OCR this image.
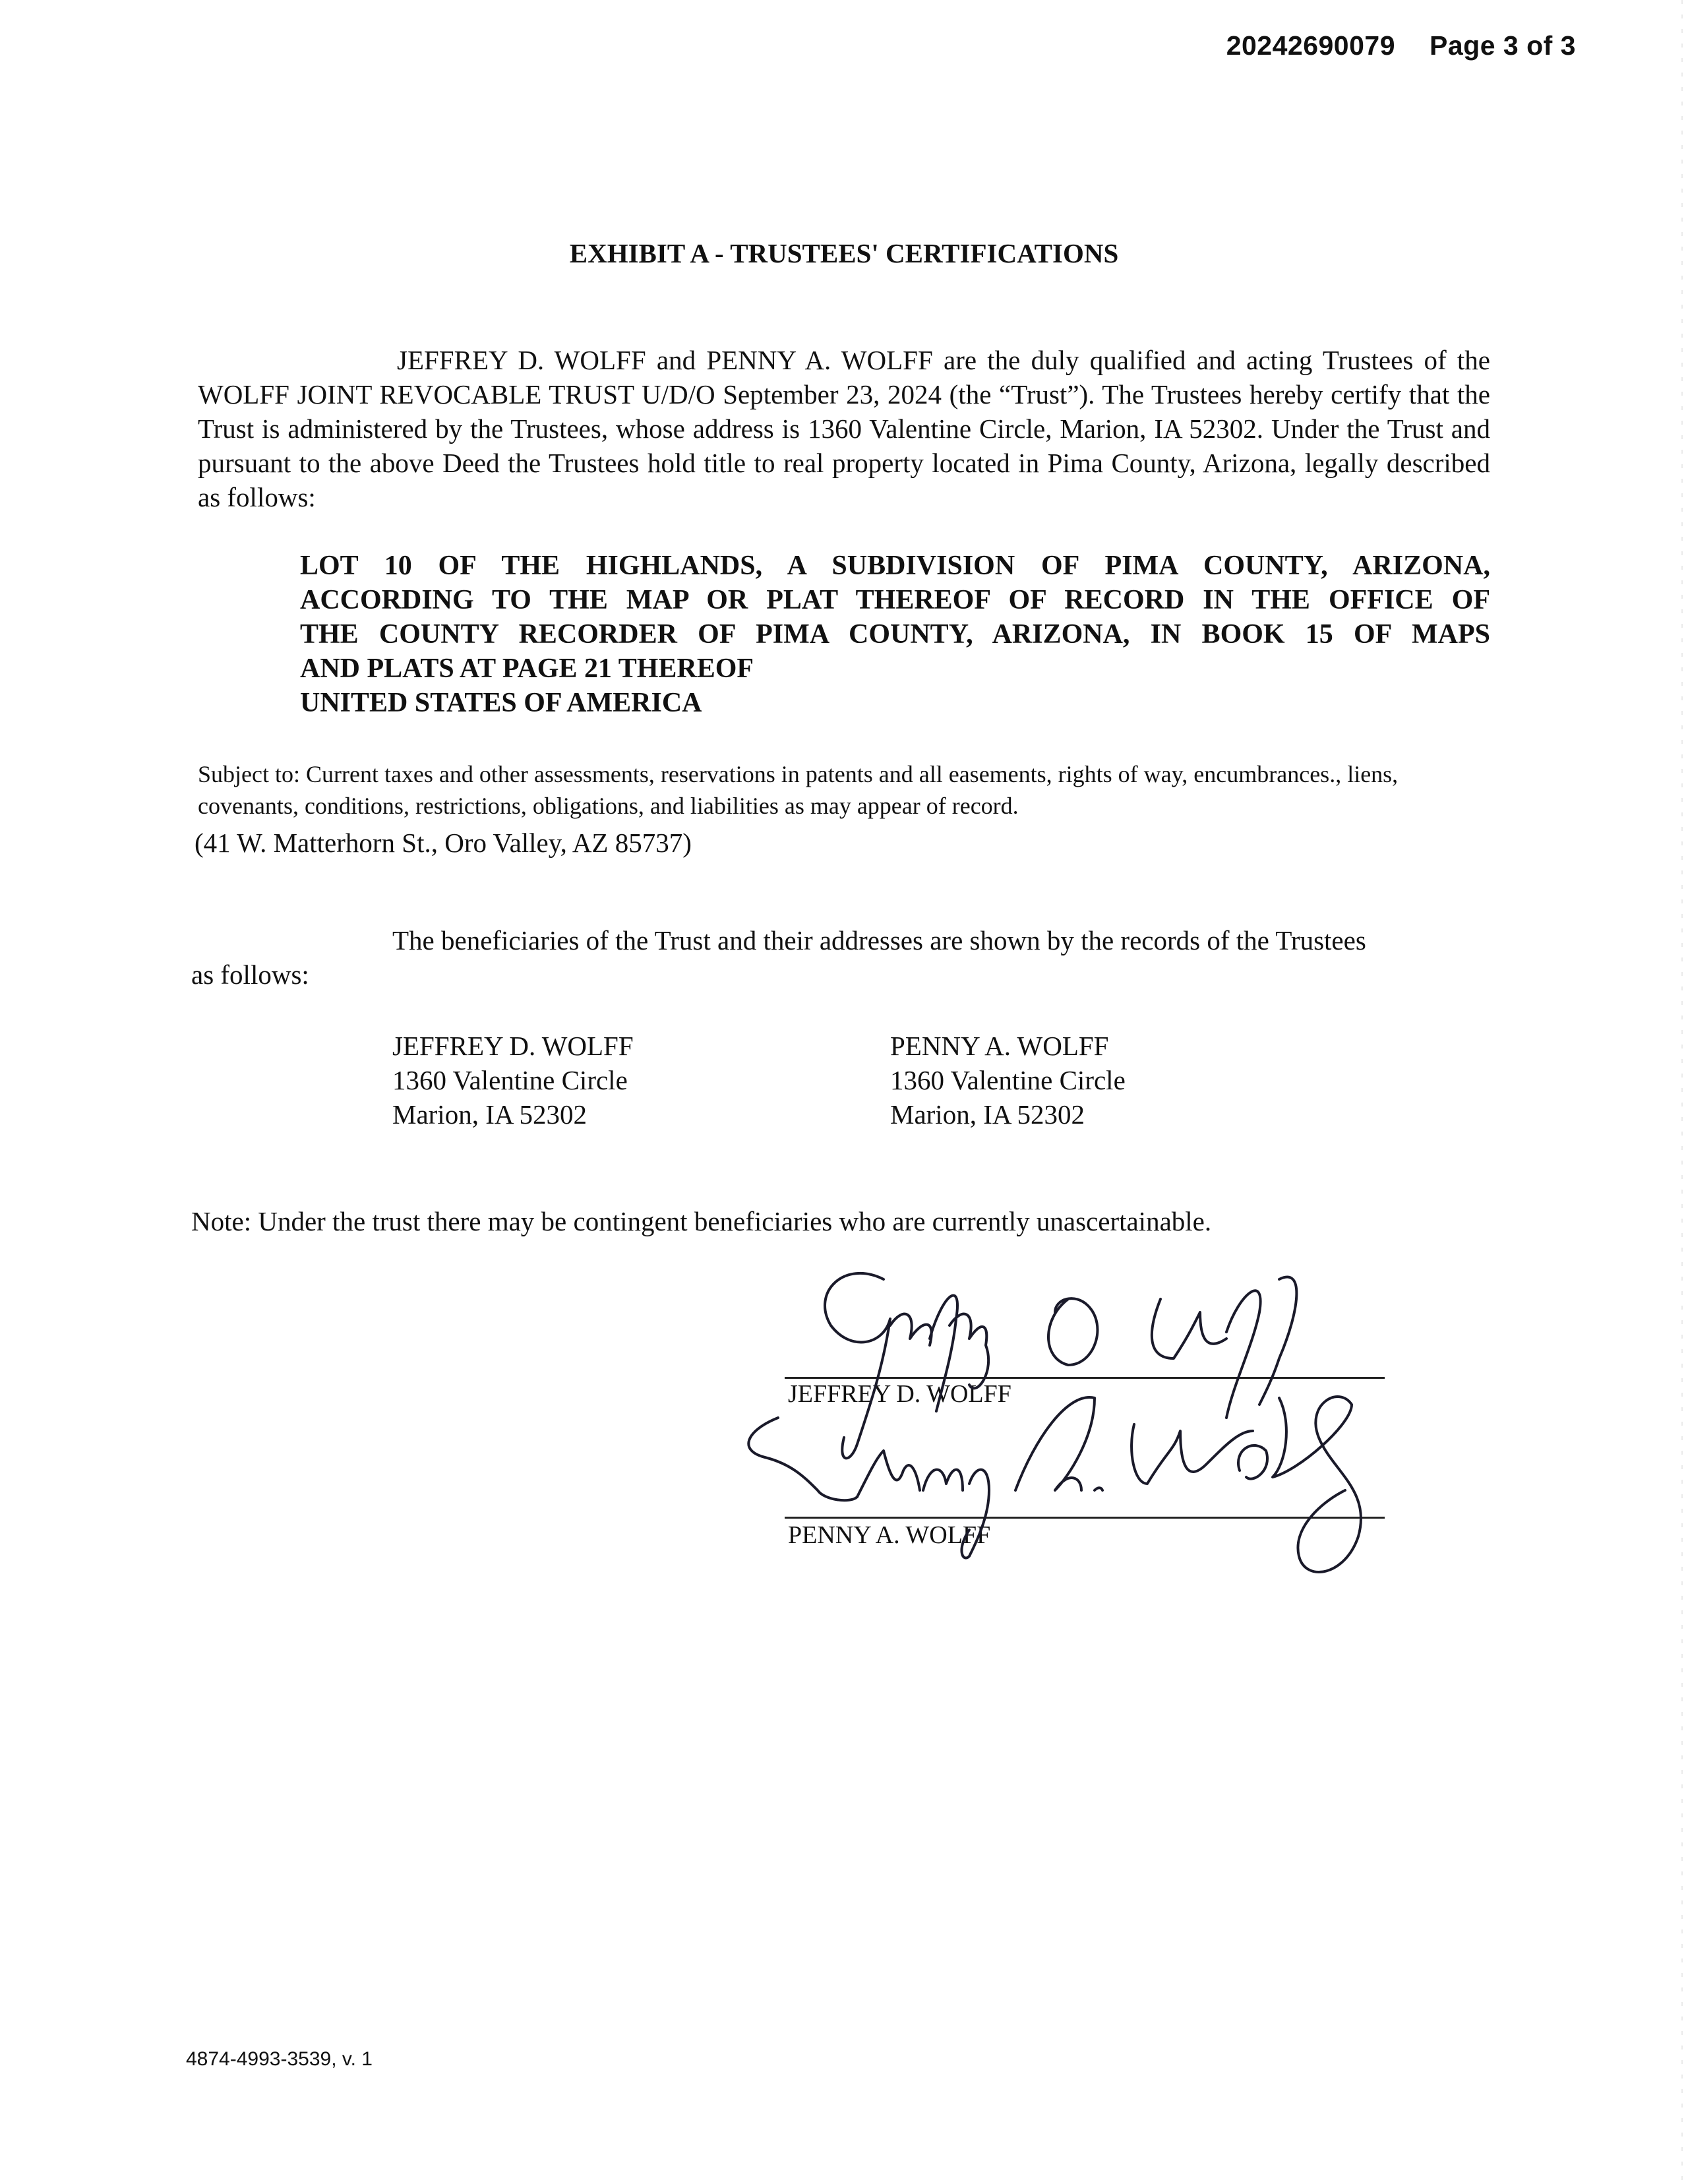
20242690079 Page 3 of 3
EXHIBIT A - TRUSTEES' CERTIFICATIONS
JEFFREY D. WOLFF and PENNY A. WOLFF are the duly qualified and acting Trustees of the WOLFF JOINT REVOCABLE TRUST U/D/O September 23, 2024 (the “Trust”). The Trustees hereby certify that the Trust is administered by the Trustees, whose address is 1360 Valentine Circle, Marion, IA 52302. Under the Trust and pursuant to the above Deed the Trustees hold title to real property located in Pima County, Arizona, legally described as follows:
LOT 10 OF THE HIGHLANDS, A SUBDIVISION OF PIMA COUNTY, ARIZONA,
ACCORDING TO THE MAP OR PLAT THEREOF OF RECORD IN THE OFFICE OF
THE COUNTY RECORDER OF PIMA COUNTY, ARIZONA, IN BOOK 15 OF MAPS
AND PLATS AT PAGE 21 THEREOF
UNITED STATES OF AMERICA
Subject to: Current taxes and other assessments, reservations in patents and all easements, rights of way, encumbrances., liens, covenants, conditions, restrictions, obligations, and liabilities as may appear of record.
(41 W. Matterhorn St., Oro Valley, AZ 85737)
The beneficiaries of the Trust and their addresses are shown by the records of the Trustees as follows:
JEFFREY D. WOLFF
1360 Valentine Circle
Marion, IA 52302
PENNY A. WOLFF
1360 Valentine Circle
Marion, IA 52302
Note: Under the trust there may be contingent beneficiaries who are currently unascertainable.
JEFFREY D. WOLFF
PENNY A. WOLFF
4874-4993-3539, v. 1
